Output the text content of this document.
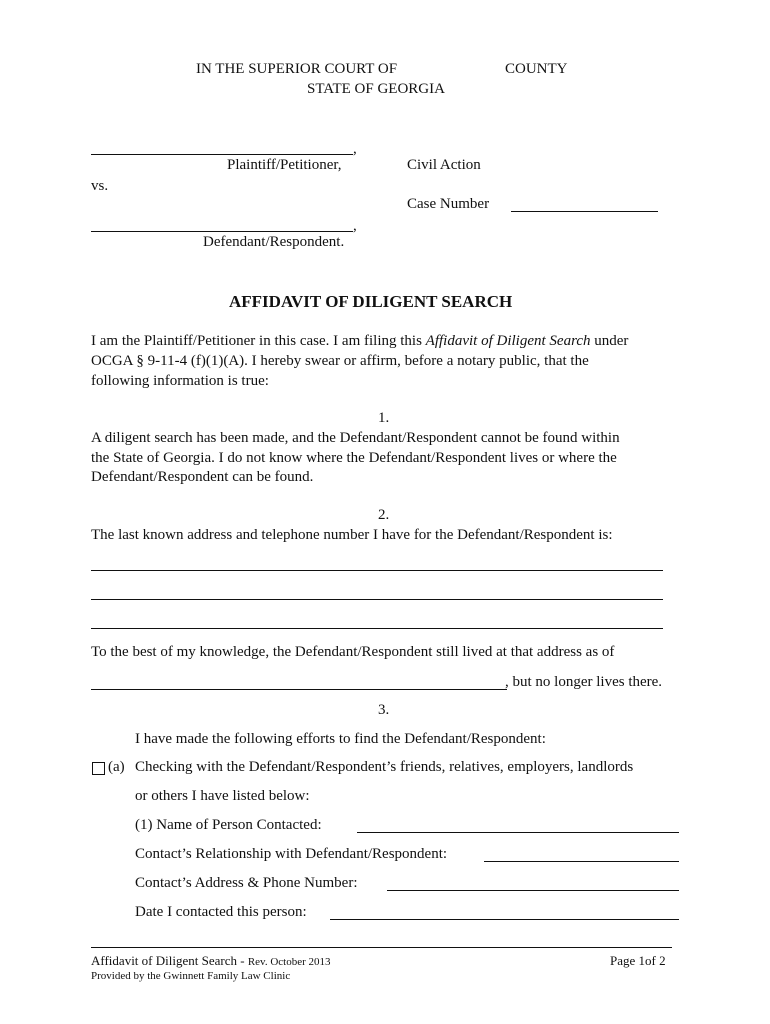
IN THE SUPERIOR COURT OF	COUNTY
STATE OF GEORGIA
,
Plaintiff/Petitioner,
vs.
,
Defendant/Respondent.
Civil Action
Case Number
AFFIDAVIT OF DILIGENT SEARCH
I am the Plaintiff/Petitioner in this case. I am filing this Affidavit of Diligent Search under
OCGA § 9-11-4 (f)(1)(A). I hereby swear or affirm, before a notary public, that the
following information is true:
1.
A diligent search has been made, and the Defendant/Respondent cannot be found within
the State of Georgia. I do not know where the Defendant/Respondent lives or where the
Defendant/Respondent can be found.
2.
The last known address and telephone number I have for the Defendant/Respondent is:
To the best of my knowledge, the Defendant/Respondent still lived at that address as of
, but no longer lives there.
3.
I have made the following efforts to find the Defendant/Respondent:
(a) Checking with the Defendant/Respondent’s friends, relatives, employers, landlords
or others I have listed below:
(1) Name of Person Contacted:
Contact’s Relationship with Defendant/Respondent:
Contact’s Address & Phone Number:
Date I contacted this person:
Affidavit of Diligent Search - Rev. October 2013
Provided by the Gwinnett Family Law Clinic
Page 1of 2
